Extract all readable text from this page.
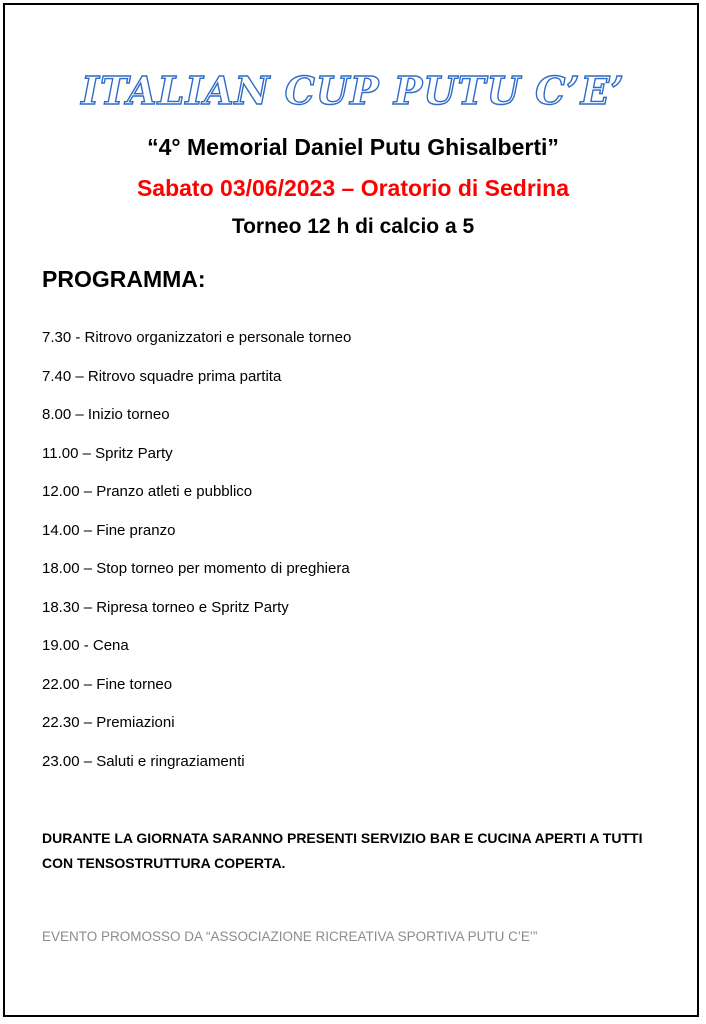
ITALIAN CUP PUTU C’E’
“4° Memorial Daniel Putu Ghisalberti”
Sabato 03/06/2023 – Oratorio di Sedrina
Torneo 12 h di calcio a 5
PROGRAMMA:
7.30 - Ritrovo organizzatori e personale torneo
7.40 – Ritrovo squadre prima partita
8.00 – Inizio torneo
11.00 – Spritz Party
12.00 – Pranzo atleti e pubblico
14.00 – Fine pranzo
18.00 – Stop torneo per momento di preghiera
18.30 – Ripresa torneo e Spritz Party
19.00 - Cena
22.00 – Fine torneo
22.30 – Premiazioni
23.00 – Saluti e ringraziamenti
DURANTE LA GIORNATA SARANNO PRESENTI SERVIZIO BAR E CUCINA APERTI A TUTTI CON TENSOSTRUTTURA COPERTA.
EVENTO PROMOSSO DA “ASSOCIAZIONE RICREATIVA SPORTIVA PUTU C’E’”
